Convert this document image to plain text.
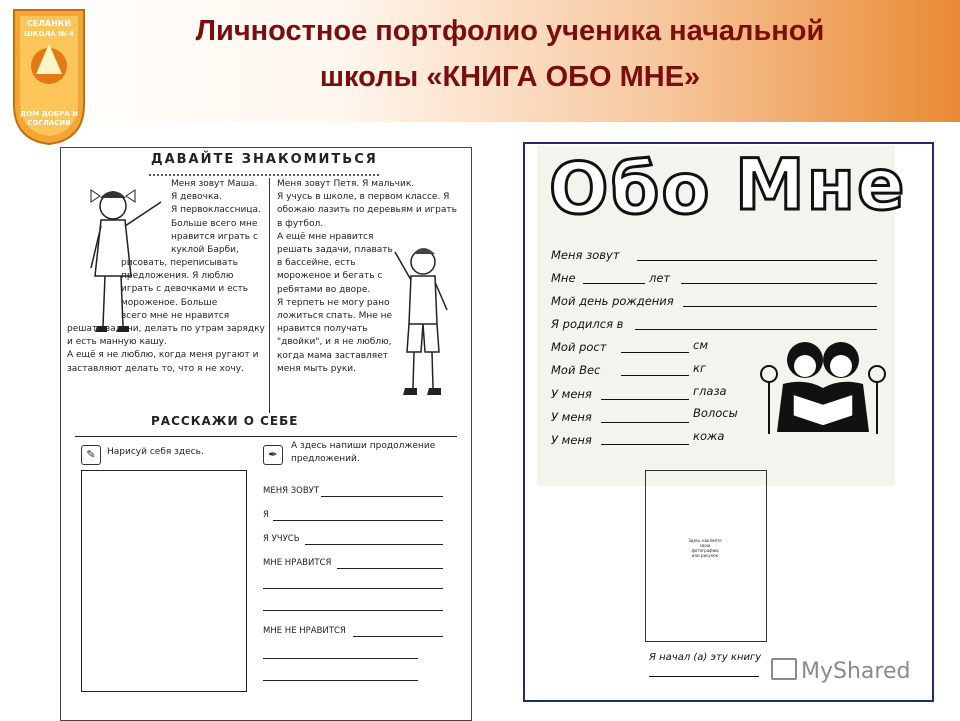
СЕЛАНКИ
ШКОЛА № 4
ДОМ ДОБРА И
СОГЛАСИЯ
Личностное портфолио ученика начальной
школы «КНИГА ОБО МНЕ»
ДАВАЙТЕ ЗНАКОМИТЬСЯ
Меня зовут Маша.
Я девочка.
Я первоклассница.
Больше всего мне
нравится играть с
куклой Барби,
рисовать, переписывать
предложения. Я люблю
играть с девочками и есть
мороженое. Больше
всего мне не нравится
решать задачи, делать по утрам зарядку
и есть манную кашу.
А ещё я не люблю, когда меня ругают и
заставляют делать то, что я не хочу.
Меня зовут Петя. Я мальчик.
Я учусь в школе, в первом классе. Я
обожаю лазить по деревьям и играть
в футбол.
А ещё мне нравится
решать задачи, плавать
в бассейне, есть
мороженое и бегать с
ребятами во дворе.
Я терпеть не могу рано
ложиться спать. Мне не
нравится получать
"двойки", и я не люблю,
когда мама заставляет
меня мыть руки.
РАССКАЖИ О СЕБЕ
✎	Нарисуй себя здесь.	✒
А здесь напиши продолжение
предложений.
МЕНЯ ЗОВУТ
Я
Я УЧУСЬ
МНЕ НРАВИТСЯ
МНЕ НЕ НРАВИТСЯ
Обо Мне
Меня зовут
Мне	лет
Мой день рождения
Я родился в
Мой рост	см
Мой Вес	кг
У меня	глаза
У меня	Волосы
У меня	кожа
Здесь наклейте
свою
фотографию
или рисунок
Я начал (а) эту книгу
MyShared
